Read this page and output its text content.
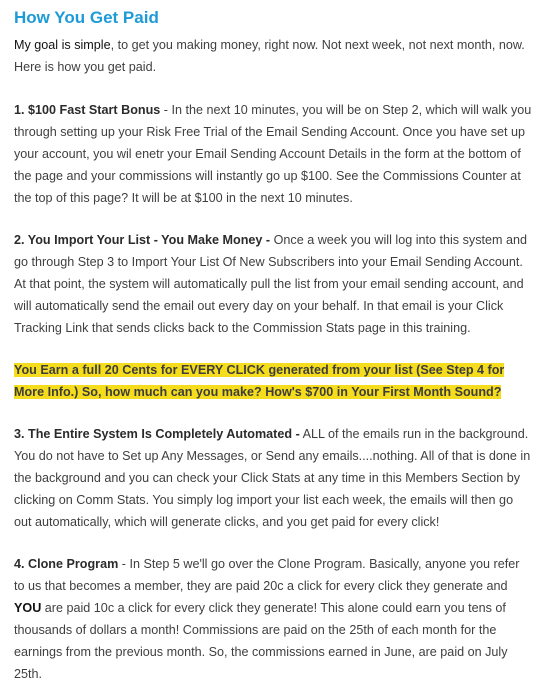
How You Get Paid

My goal is simple, to get you making money, right now. Not next week, not next month, now. Here is how you get paid.

1. $100 Fast Start Bonus - In the next 10 minutes, you will be on Step 2, which will walk you through setting up your Risk Free Trial of the Email Sending Account. Once you have set up your account, you wil enetr your Email Sending Account Details in the form at the bottom of the page and your commissions will instantly go up $100. See the Commissions Counter at the top of this page? It will be at $100 in the next 10 minutes.

2. You Import Your List - You Make Money - Once a week you will log into this system and go through Step 3 to Import Your List Of New Subscribers into your Email Sending Account. At that point, the system will automatically pull the list from your email sending account, and will automatically send the email out every day on your behalf. In that email is your Click Tracking Link that sends clicks back to the Commission Stats page in this training.

You Earn a full 20 Cents for EVERY CLICK generated from your list (See Step 4 for More Info.) So, how much can you make? How's $700 in Your First Month Sound?

3. The Entire System Is Completely Automated - ALL of the emails run in the background. You do not have to Set up Any Messages, or Send any emails....nothing. All of that is done in the background and you can check your Click Stats at any time in this Members Section by clicking on Comm Stats. You simply log import your list each week, the emails will then go out automatically, which will generate clicks, and you get paid for every click!

4. Clone Program - In Step 5 we'll go over the Clone Program. Basically, anyone you refer to us that becomes a member, they are paid 20c a click for every click they generate and YOU are paid 10c a click for every click they generate! This alone could earn you tens of thousands of dollars a month! Commissions are paid on the 25th of each month for the earnings from the previous month. So, the commissions earned in June, are paid on July 25th.
